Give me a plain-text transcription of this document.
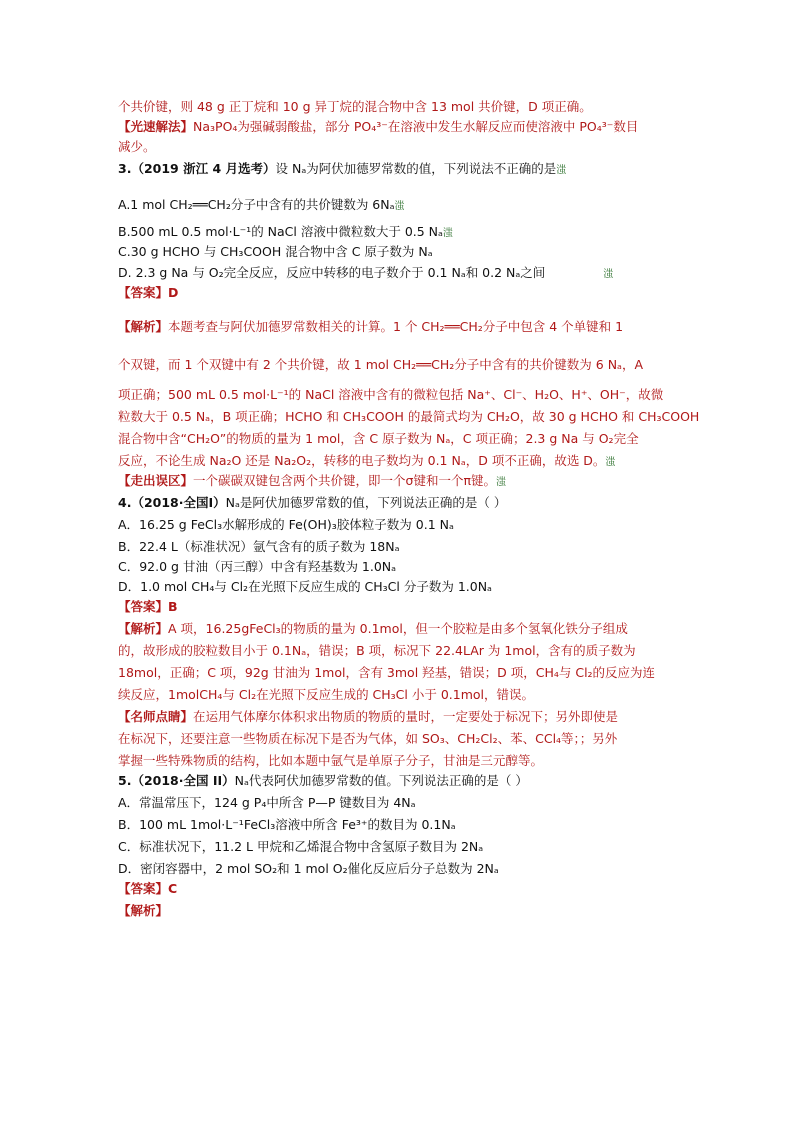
个共价键，则 48 g 正丁烷和 10 g 异丁烷的混合物中含 13 mol 共价键，D 项正确。
【光速解法】Na₃PO₄为强碱弱酸盐，部分 PO₄³⁻在溶液中发生水解反应而使溶液中 PO₄³⁻数目
减少。
3.（2019 浙江 4 月选考）设 Nₐ为阿伏加德罗常数的值，下列说法不正确的是滍
A.1 mol CH₂══CH₂分子中含有的共价键数为 6Nₐ滍
B.500 mL 0.5 mol·L⁻¹的 NaCl 溶液中微粒数大于 0.5 Nₐ滍
C.30 g HCHO 与 CH₃COOH 混合物中含 C 原子数为 Nₐ
D. 2.3 g Na 与 O₂完全反应，反应中转移的电子数介于 0.1 Nₐ和 0.2 Nₐ之间	滍
【答案】D
【解析】本题考查与阿伏加德罗常数相关的计算。1 个 CH₂══CH₂分子中包含 4 个单键和 1
个双键，而 1 个双键中有 2 个共价键，故 1 mol CH₂══CH₂分子中含有的共价键数为 6 Nₐ，A
项正确；500 mL 0.5 mol·L⁻¹的 NaCl 溶液中含有的微粒包括 Na⁺、Cl⁻、H₂O、H⁺、OH⁻，故微
粒数大于 0.5 Nₐ，B 项正确；HCHO 和 CH₃COOH 的最简式均为 CH₂O，故 30 g HCHO 和 CH₃COOH
混合物中含“CH₂O”的物质的量为 1 mol，含 C 原子数为 Nₐ，C 项正确；2.3 g Na 与 O₂完全
反应，不论生成 Na₂O 还是 Na₂O₂，转移的电子数均为 0.1 Nₐ，D 项不正确，故选 D。滍
【走出误区】一个碳碳双键包含两个共价键，即一个σ键和一个π键。滍
4.（2018·全国Ⅰ）Nₐ是阿伏加德罗常数的值，下列说法正确的是（ ）
A．16.25 g FeCl₃水解形成的 Fe(OH)₃胶体粒子数为 0.1 Nₐ
B．22.4 L（标准状况）氩气含有的质子数为 18Nₐ
C．92.0 g 甘油（丙三醇）中含有羟基数为 1.0Nₐ
D．1.0 mol CH₄与 Cl₂在光照下反应生成的 CH₃Cl 分子数为 1.0Nₐ
【答案】B
【解析】A 项，16.25gFeCl₃的物质的量为 0.1mol，但一个胶粒是由多个氢氧化铁分子组成
的，故形成的胶粒数目小于 0.1Nₐ，错误；B 项，标况下 22.4LAr 为 1mol，含有的质子数为
18mol，正确；C 项，92g 甘油为 1mol，含有 3mol 羟基，错误；D 项，CH₄与 Cl₂的反应为连
续反应，1molCH₄与 Cl₂在光照下反应生成的 CH₃Cl 小于 0.1mol，错误。
【名师点睛】在运用气体摩尔体积求出物质的物质的量时，一定要处于标况下；另外即使是
在标况下，还要注意一些物质在标况下是否为气体，如 SO₃、CH₂Cl₂、苯、CCl₄等；；另外
掌握一些特殊物质的结构，比如本题中氩气是单原子分子，甘油是三元醇等。
5.（2018·全国 II）Nₐ代表阿伏加德罗常数的值。下列说法正确的是（ ）
A．常温常压下，124 g P₄中所含 P—P 键数目为 4Nₐ
B．100 mL 1mol·L⁻¹FeCl₃溶液中所含 Fe³⁺的数目为 0.1Nₐ
C．标准状况下，11.2 L 甲烷和乙烯混合物中含氢原子数目为 2Nₐ
D．密闭容器中，2 mol SO₂和 1 mol O₂催化反应后分子总数为 2Nₐ
【答案】C
【解析】
